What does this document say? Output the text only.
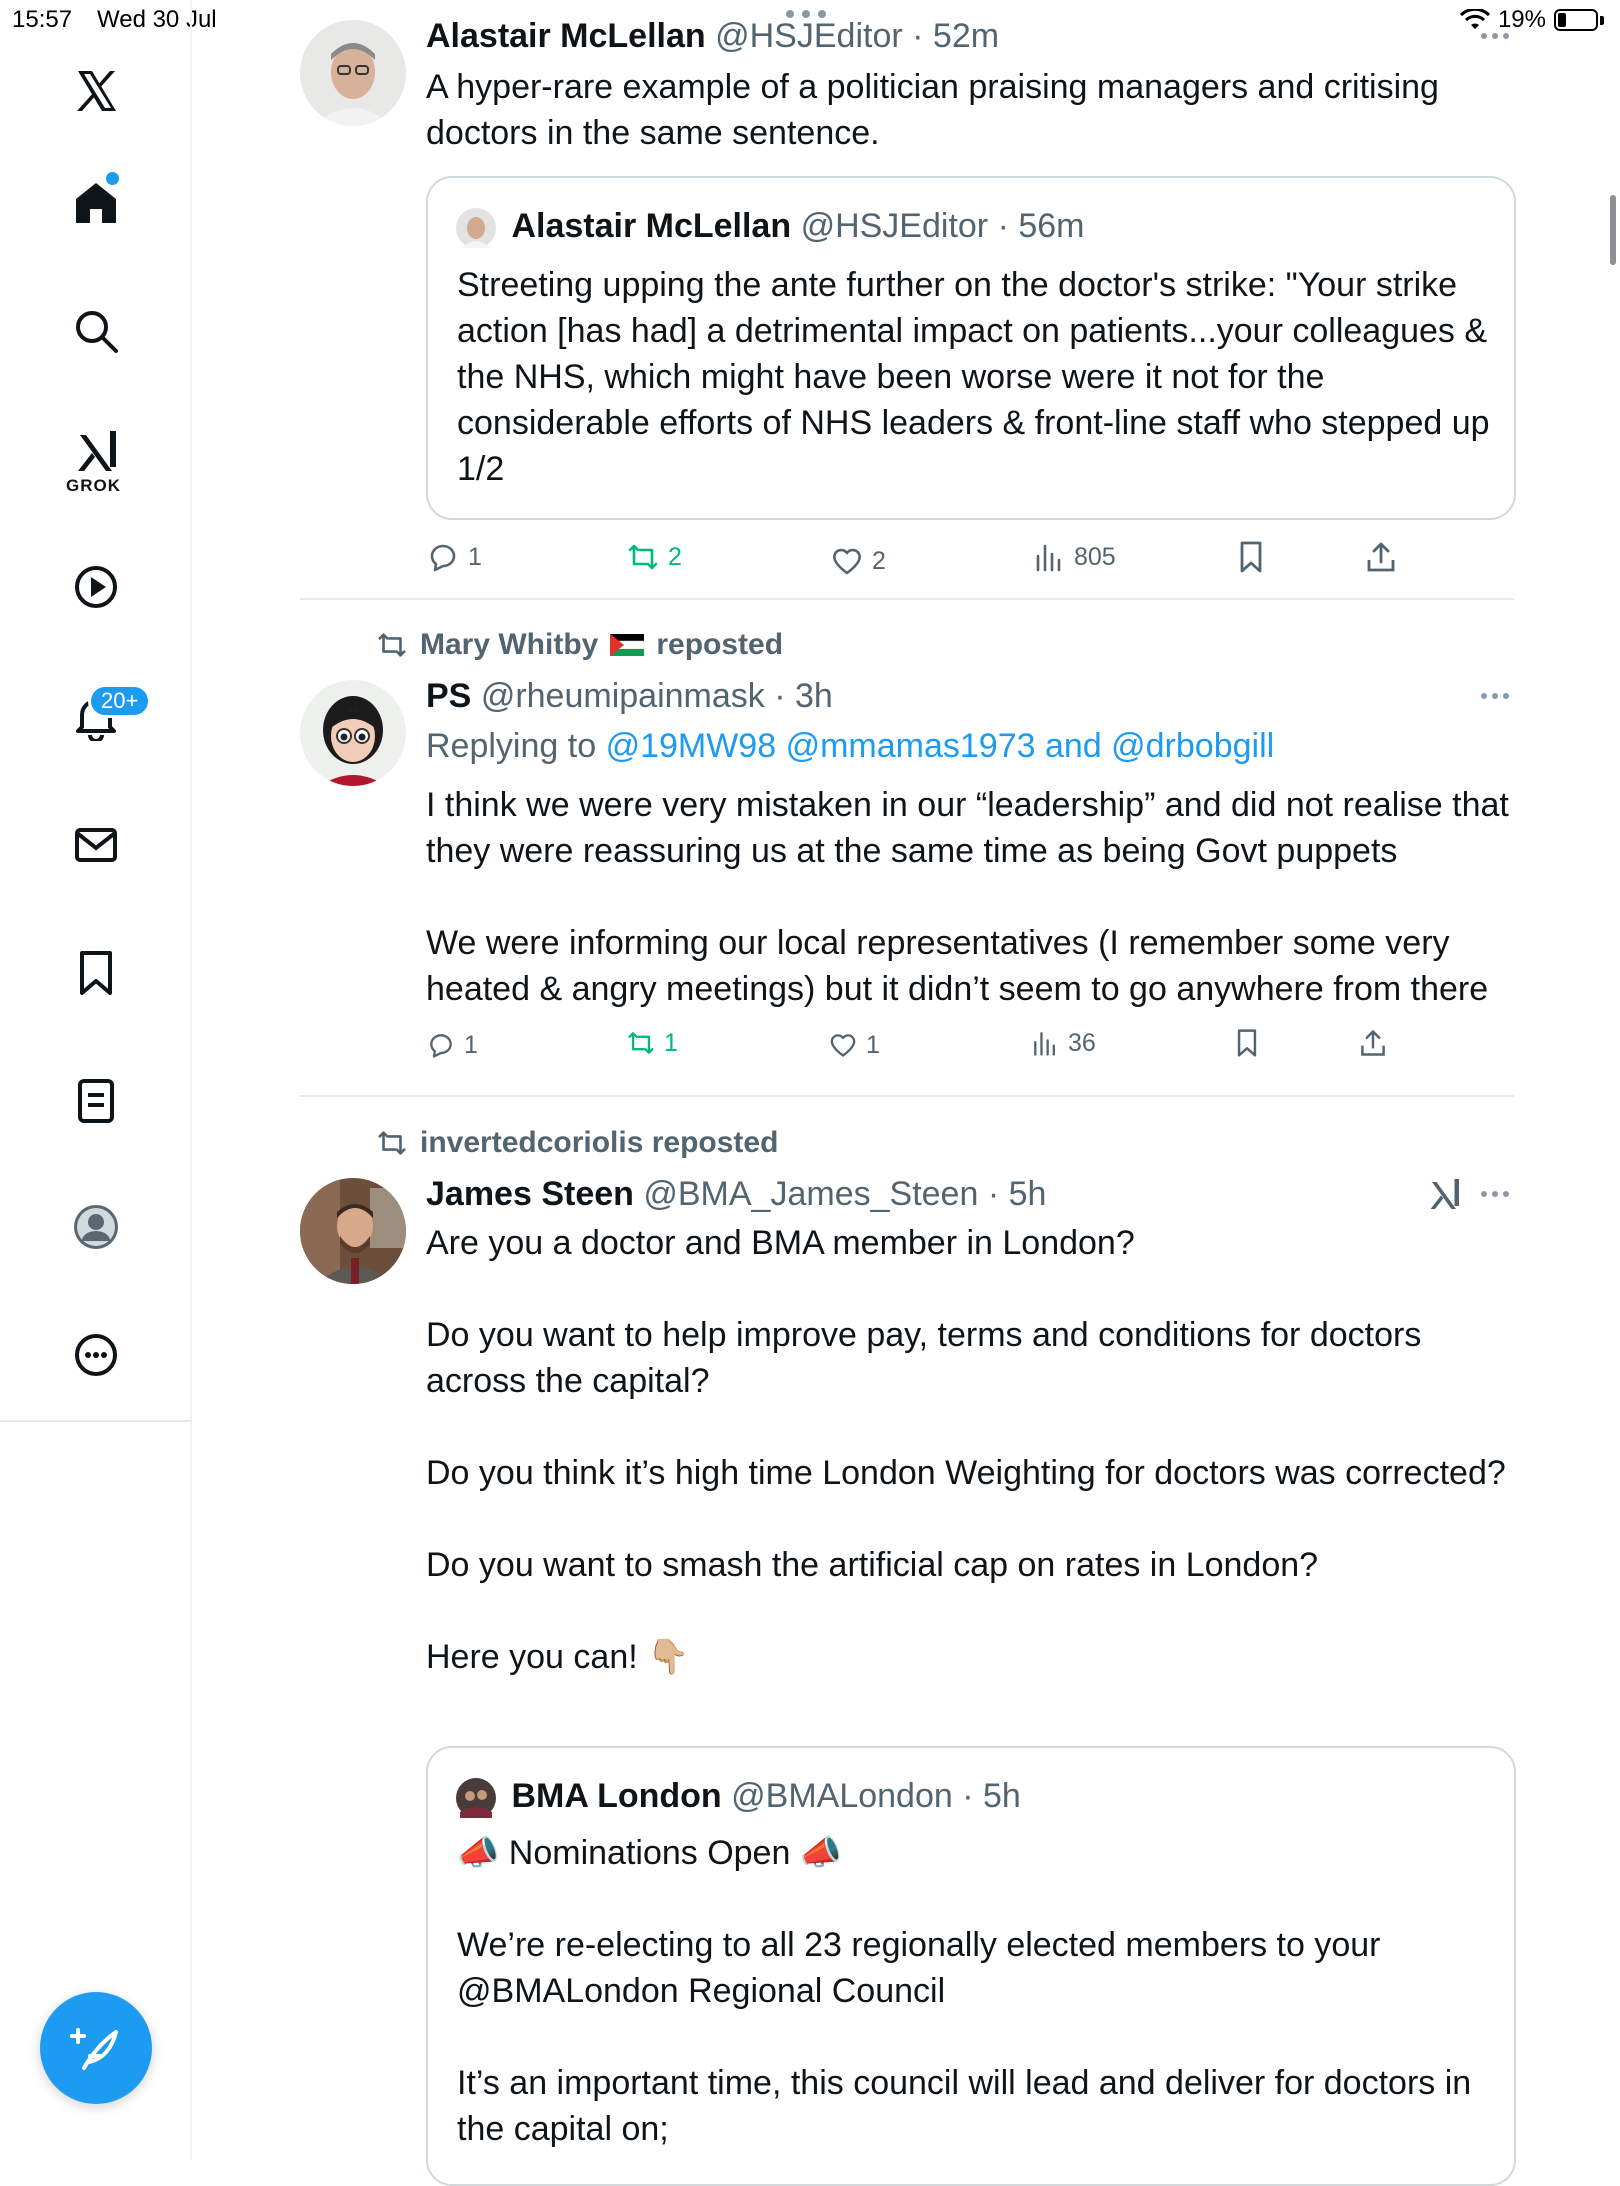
15:57 Wed 30 Jul	19%
GROK
20+
Alastair McLellan @HSJEditor · 52m
A hyper-rare example of a politician praising managers and critising doctors in the same sentence.
Alastair McLellan @HSJEditor · 56m
Streeting upping the ante further on the doctor's strike: "Your strike action [has had] a detrimental impact on patients...your colleagues & the NHS, which might have been worse were it not for the considerable efforts of NHS leaders & front-line staff who stepped up 1/2
1	2	2	805
Mary Whitby reposted
PS @rheumipainmask · 3h
Replying to @19MW98 @mmamas1973 and @drbobgill

I think we were very mistaken in our “leadership” and did not realise that they were reassuring us at the same time as being Govt puppets

We were informing our local representatives (I remember some very heated & angry meetings) but it didn’t seem to go anywhere from there

1	1	1	36
invertedcoriolis reposted
James Steen @BMA_James_Steen · 5h

Are you a doctor and BMA member in London?

Do you want to help improve pay, terms and conditions for doctors across the capital?

Do you think it’s high time London Weighting for doctors was corrected?

Do you want to smash the artificial cap on rates in London?

Here you can! 👇🏼

BMA London @BMALondon · 5h

📣 Nominations Open 📣

We’re re-electing to all 23 regionally elected members to your @BMALondon Regional Council

It’s an important time, this council will lead and deliver for doctors in the capital on;
